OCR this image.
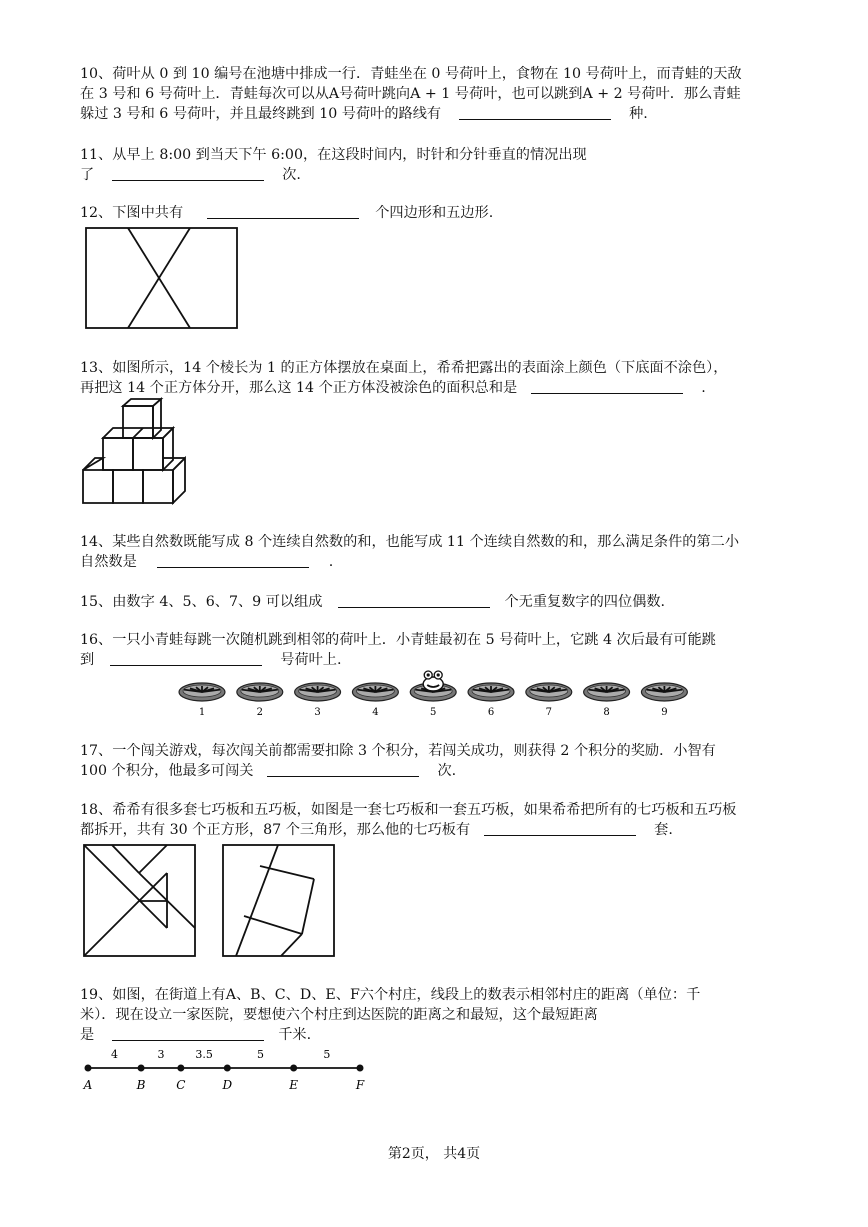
10、荷叶从 0 到 10 编号在池塘中排成一行．青蛙坐在 0 号荷叶上，食物在 10 号荷叶上，而青蛙的天敌
在 3 号和 6 号荷叶上．青蛙每次可以从A号荷叶跳向A + 1 号荷叶，也可以跳到A + 2 号荷叶．那么青蛙
躲过 3 号和 6 号荷叶，并且最终跳到 10 号荷叶的路线有	种.
11、从早上 8:00 到当天下午 6:00，在这段时间内，时针和分针垂直的情况出现
了	次.
12、下图中共有	个四边形和五边形.
13、如图所示，14 个棱长为 1 的正方体摆放在桌面上，希希把露出的表面涂上颜色（下底面不涂色），
再把这 14 个正方体分开，那么这 14 个正方体没被涂色的面积总和是	.
14、某些自然数既能写成 8 个连续自然数的和，也能写成 11 个连续自然数的和，那么满足条件的第二小
自然数是	.
15、由数字 4、5、6、7、9 可以组成	个无重复数字的四位偶数.
16、一只小青蛙每跳一次随机跳到相邻的荷叶上．小青蛙最初在 5 号荷叶上，它跳 4 次后最有可能跳
到	号荷叶上.
1	2	3	4	5	6	7	8	9
17、一个闯关游戏，每次闯关前都需要扣除 3 个积分，若闯关成功，则获得 2 个积分的奖励．小智有
100 个积分，他最多可闯关	次.
18、希希有很多套七巧板和五巧板，如图是一套七巧板和一套五巧板，如果希希把所有的七巧板和五巧板
都拆开，共有 30 个正方形，87 个三角形，那么他的七巧板有	套.
19、如图，在街道上有A、B、C、D、E、F六个村庄，线段上的数表示相邻村庄的距离（单位：千
米）．现在设立一家医院，要想使六个村庄到达医院的距离之和最短，这个最短距离
是	千米.
A	B	C	D	E	F
4	3	3.5	5	5
第2页， 共4页
